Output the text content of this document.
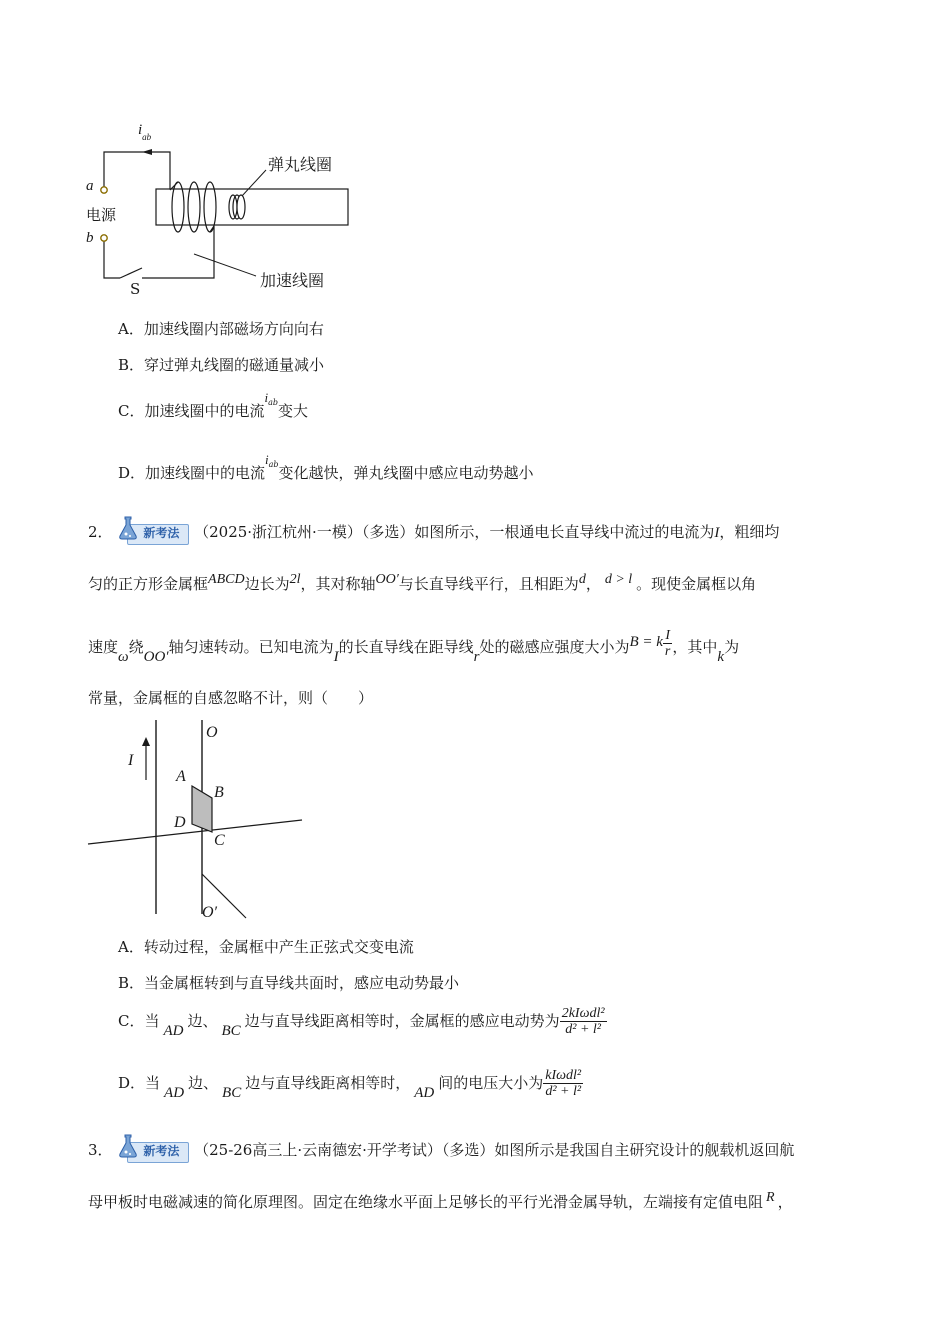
$i_{ab}$
a
电源
b
S
弹丸线圈
加速线圈
A．加速线圈内部磁场方向向右
B．穿过弹丸线圈的磁通量减小
C．加速线圈中的电流$i^{ab}$变大
D．加速线圈中的电流$i^{ab}$变化越快，弹丸线圈中感应电动势越小
2．	新考法 （2025·浙江杭州·一模）（多选）如图所示，一根通电长直导线中流过的电流为I，粗细均
匀的正方形金属框ABCD边长为2l，其对称轴OO′与长直导线平行，且相距为d， d > l 。现使金属框以角
速度ω绕OO′轴匀速转动。已知电流为I的长直导线在距导线r处的磁感应强度大小为B = k $\frac{I}{r}$ ，其中k为
常量，金属框的自感忽略不计，则（　　）
O
I
A
B
D
C
O′
A．转动过程，金属框中产生正弦式交变电流
B．当金属框转到与直导线共面时，感应电动势最小
C．当AD边、BC边与直导线距离相等时，金属框的感应电动势为 $\frac{\text{2kIωdl²}}{\text{d² + l²}}$
D．当AD边、BC边与直导线距离相等时，AD间的电压大小为 $\frac{\text{kIωdl²}}{\text{d² + l²}}$
3．	新考法 （25-26高三上·云南德宏·开学考试）（多选）如图所示是我国自主研究设计的舰载机返回航
母甲板时电磁减速的简化原理图。固定在绝缘水平面上足够长的平行光滑金属导轨，左端接有定值电阻 R ，
